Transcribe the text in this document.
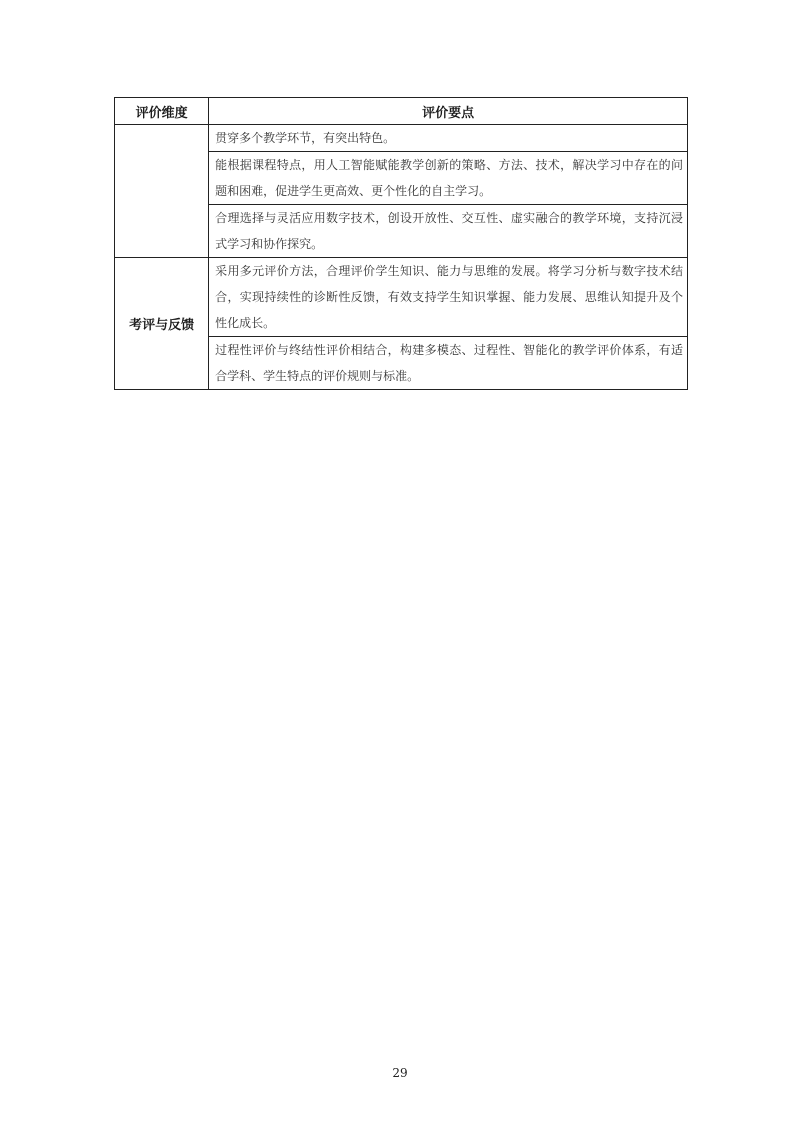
评价维度	评价要点
	贯穿多个教学环节，有突出特色。
	能根据课程特点，用人工智能赋能教学创新的策略、方法、技术，解决学习中存在的问题和困难，促进学生更高效、更个性化的自主学习。
	合理选择与灵活应用数字技术，创设开放性、交互性、虚实融合的教学环境，支持沉浸式学习和协作探究。
考评与反馈	采用多元评价方法，合理评价学生知识、能力与思维的发展。将学习分析与数字技术结合，实现持续性的诊断性反馈，有效支持学生知识掌握、能力发展、思维认知提升及个性化成长。
	过程性评价与终结性评价相结合，构建多模态、过程性、智能化的教学评价体系，有适合学科、学生特点的评价规则与标准。
29
